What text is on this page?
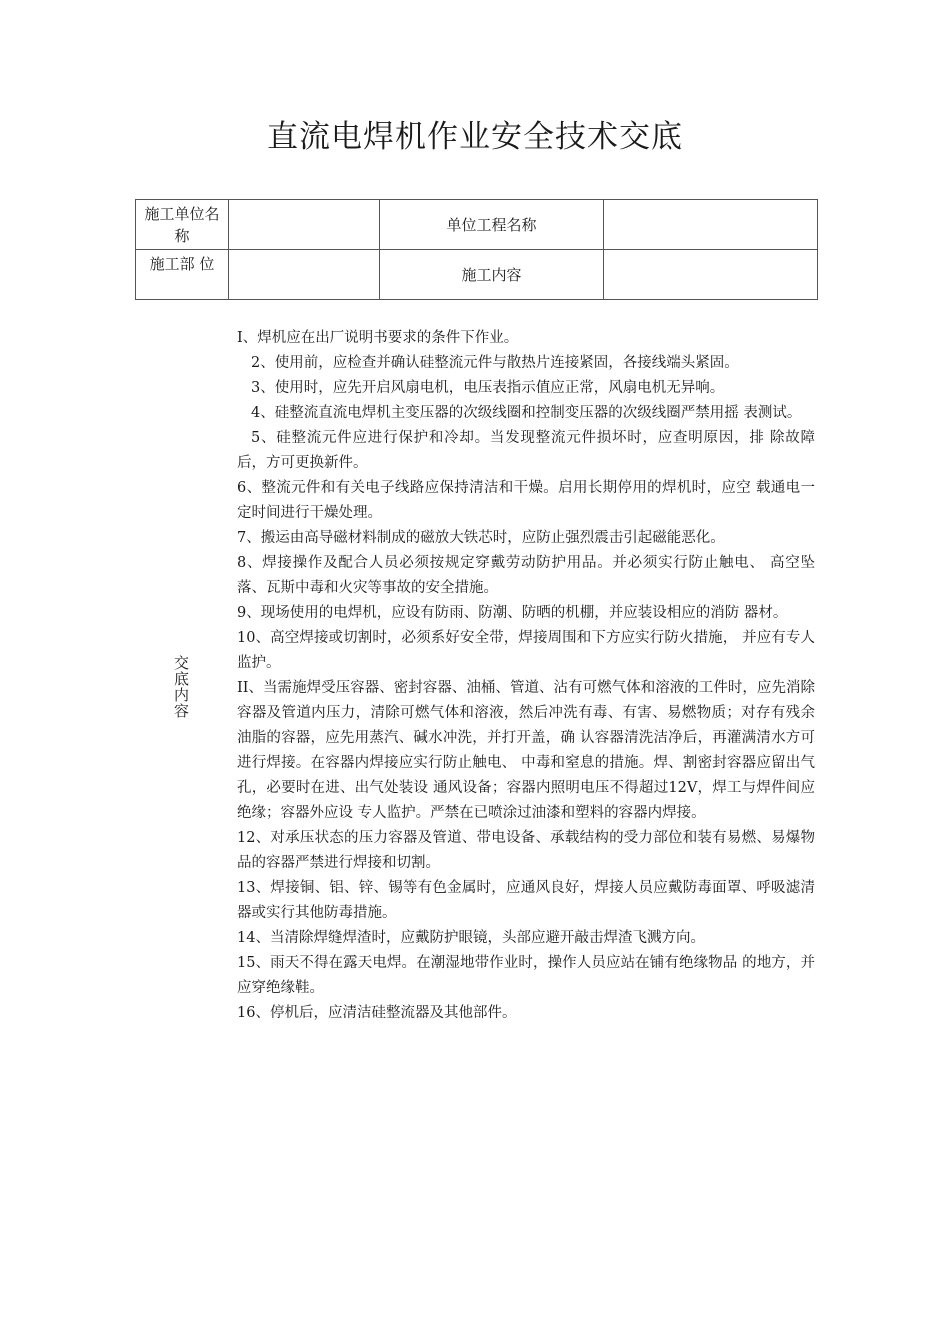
直流电焊机作业安全技术交底
施工单位名称		单位工程名称	
施工部 位		施工内容	
交底内容

I、焊机应在出厂说明书要求的条件下作业。

2、使用前，应检查并确认硅整流元件与散热片连接紧固，各接线端头紧固。

3、使用时，应先开启风扇电机，电压表指示值应正常，风扇电机无异响。

4、硅整流直流电焊机主变压器的次级线圈和控制变压器的次级线圈严禁用摇 表测试。

5、硅整流元件应进行保护和冷却。当发现整流元件损坏时，应查明原因，排 除故障后，方可更换新件。

6、整流元件和有关电子线路应保持清洁和干燥。启用长期停用的焊机时，应空 载通电一定时间进行干燥处理。

7、搬运由高导磁材料制成的磁放大铁芯时，应防止强烈震击引起磁能恶化。

8、焊接操作及配合人员必须按规定穿戴劳动防护用品。并必须实行防止触电、 高空坠落、瓦斯中毒和火灾等事故的安全措施。

9、现场使用的电焊机，应设有防雨、防潮、防晒的机棚，并应装设相应的消防 器材。

10、高空焊接或切割时，必须系好安全带，焊接周围和下方应实行防火措施， 并应有专人监护。

II、当需施焊受压容器、密封容器、油桶、管道、沾有可燃气体和溶液的工件时，应先消除容器及管道内压力，清除可燃气体和溶液，然后冲洗有毒、有害、易燃物质；对存有残余油脂的容器，应先用蒸汽、碱水冲洗，并打开盖，确 认容器清洗洁净后，再灌满清水方可进行焊接。在容器内焊接应实行防止触电、 中毒和窒息的措施。焊、割密封容器应留出气孔，必要时在进、出气处装设 通风设备；容器内照明电压不得超过12V，焊工与焊件间应绝缘；容器外应设 专人监护。严禁在已喷涂过油漆和塑料的容器内焊接。

12、对承压状态的压力容器及管道、带电设备、承载结构的受力部位和装有易燃、易爆物品的容器严禁进行焊接和切割。

13、焊接铜、铝、锌、锡等有色金属时，应通风良好，焊接人员应戴防毒面罩、呼吸滤清器或实行其他防毒措施。

14、当清除焊缝焊渣时，应戴防护眼镜，头部应避开敲击焊渣飞溅方向。

15、雨天不得在露天电焊。在潮湿地带作业时，操作人员应站在铺有绝缘物品 的地方，并应穿绝缘鞋。

16、停机后，应清洁硅整流器及其他部件。
